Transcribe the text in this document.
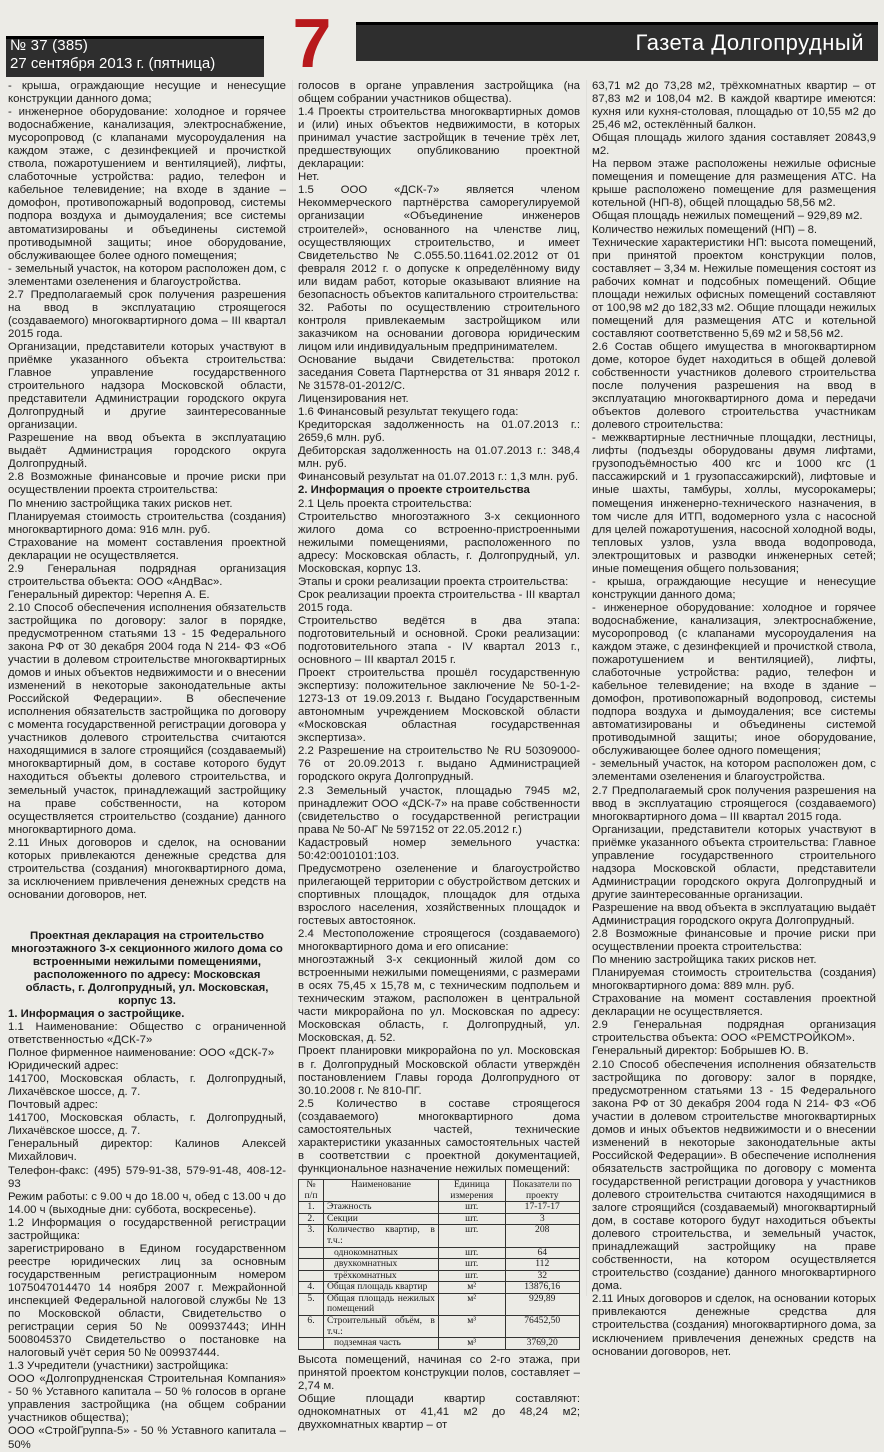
№ 37 (385)
27 сентября 2013 г. (пятница) 7	Газета Долгопрудный

- крыша, ограждающие несущие и ненесущие конструкции данного дома;

- инженерное оборудование: холодное и горячее водоснабжение, канализация, электроснабжение, мусоропровод (с клапанами мусороудаления на каждом этаже, с дезинфекцией и прочисткой ствола, пожаротушением и вентиляцией), лифты, слаботочные устройства: радио, телефон и кабельное телевидение; на входе в здание – домофон, противопожарный водопровод, системы подпора воздуха и дымоудаления; все системы автоматизированы и объединены системой противодымной защиты; иное оборудование, обслуживающее более одного помещения;

- земельный участок, на котором расположен дом, с элементами озеленения и благоустройства.

2.7 Предполагаемый срок получения разрешения на ввод в эксплуатацию строящегося (создаваемого) многоквартирного дома – III квартал 2015 года.

Организации, представители которых участвуют в приёмке указанного объекта строительства: Главное управление государственного строительного надзора Московской области, представители Администрации городского округа Долгопрудный и другие заинтересованные организации.

Разрешение на ввод объекта в эксплуатацию выдаёт Администрация городского округа Долгопрудный.

2.8 Возможные финансовые и прочие риски при осуществлении проекта строительства:

По мнению застройщика таких рисков нет.

Планируемая стоимость строительства (создания) многоквартирного дома: 916 млн. руб.

Страхование на момент составления проектной декларации не осуществляется.

2.9 Генеральная подрядная организация строительства объекта: ООО «АндВас».

Генеральный директор: Черепня А. Е.

2.10 Способ обеспечения исполнения обязательств застройщика по договору: залог в порядке, предусмотренном статьями 13 - 15 Федерального закона РФ от 30 декабря 2004 года N 214- ФЗ «Об участии в долевом строительстве многоквартирных домов и иных объектов недвижимости и о внесении изменений в некоторые законодательные акты Российской Федерации». В обеспечение исполнения обязательств застройщика по договору с момента государственной регистрации договора у участников долевого строительства считаются находящимися в залоге строящийся (создаваемый) многоквартирный дом, в составе которого будут находиться объекты долевого строительства, и земельный участок, принадлежащий застройщику на праве собственности, на котором осуществляется строительство (создание) данного многоквартирного дома.

2.11 Иных договоров и сделок, на основании которых привлекаются денежные средства для строительства (создания) многоквартирного дома, за исключением привлечения денежных средств на основании договоров, нет.

Проектная декларация на строительство многоэтажного 3-х секционного жилого дома со встроенными нежилыми помещениями, расположенного по адресу: Московская область, г. Долгопрудный, ул. Московская, корпус 13.

1. Информация о застройщике.

1.1 Наименование: Общество с ограниченной ответственностью «ДСК-7»

Полное фирменное наименование: ООО «ДСК-7»

Юридический адрес:

141700, Московская область, г. Долгопрудный, Лихачёвское шоссе, д. 7.

Почтовый адрес:

141700, Московская область, г. Долгопрудный, Лихачёвское шоссе, д. 7.

Генеральный директор: Калинов Алексей Михайлович.

Телефон-факс: (495) 579-91-38, 579-91-48, 408-12-93

Режим работы: с 9.00 ч до 18.00 ч, обед с 13.00 ч до 14.00 ч (выходные дни: суббота, воскресенье).

1.2 Информация о государственной регистрации застройщика:

зарегистрировано в Едином государственном реестре юридических лиц за основным государственным регистрационным номером 1075047014470 14 ноября 2007 г. Межрайонной инспекцией Федеральной налоговой службы № 13 по Московской области, Свидетельство о регистрации серия 50 № 009937443; ИНН 5008045370 Свидетельство о постановке на налоговый учёт серия 50 № 009937444.

1.3 Учредители (участники) застройщика:

ООО «Долгопрудненская Строительная Компания» - 50 % Уставного капитала – 50 % голосов в органе управления застройщика (на общем собрании участников общества);

ООО «СтройГруппа-5» - 50 % Уставного капитала – 50%

голосов в органе управления застройщика (на общем собрании участников общества).

1.4 Проекты строительства многоквартирных домов и (или) иных объектов недвижимости, в которых принимал участие застройщик в течение трёх лет, предшествующих опубликованию проектной декларации:

Нет.

1.5 ООО «ДСК-7» является членом Некоммерческого партнёрства саморегулируемой организации «Объединение инженеров строителей», основанного на членстве лиц, осуществляющих строительство, и имеет Свидетельство № С.055.50.11641.02.2012 от 01 февраля 2012 г. о допуске к определённому виду или видам работ, которые оказывают влияние на безопасность объектов капитального строительства:

32. Работы по осуществлению строительного контроля привлекаемым застройщиком или заказчиком на основании договора юридическим лицом или индивидуальным предпринимателем.

Основание выдачи Свидетельства: протокол заседания Совета Партнерства от 31 января 2012 г. № 31578-01-2012/С.

Лицензирования нет.

1.6 Финансовый результат текущего года:

Кредиторская задолженность на 01.07.2013 г.: 2659,6 млн. руб.

Дебиторская задолженность на 01.07.2013 г.: 348,4 млн. руб.

Финансовый результат на 01.07.2013 г.: 1,3 млн. руб.

2. Информация о проекте строительства

2.1 Цель проекта строительства:

Строительство многоэтажного 3-х секционного жилого дома со встроенно-пристроенными нежилыми помещениями, расположенного по адресу: Московская область, г. Долгопрудный, ул. Московская, корпус 13.

Этапы и сроки реализации проекта строительства:

Срок реализации проекта строительства - III квартал 2015 года.

Строительство ведётся в два этапа: подготовительный и основной. Сроки реализации: подготовительного этапа - IV квартал 2013 г., основного – III квартал 2015 г.

Проект строительства прошёл государственную экспертизу: положительное заключение № 50-1-2-1273-13 от 19.09.2013 г. Выдано Государственным автономным учреждением Московской области «Московская областная государственная экспертиза».

2.2 Разрешение на строительство № RU 50309000-76 от 20.09.2013 г. выдано Администрацией городского округа Долгопрудный.

2.3 Земельный участок, площадью 7945 м2, принадлежит ООО «ДСК-7» на праве собственности (свидетельство о государственной регистрации права № 50-АГ № 597152 от 22.05.2012 г.)

Кадастровый номер земельного участка: 50:42:0010101:103.

Предусмотрено озеленение и благоустройство прилегающей территории с обустройством детских и спортивных площадок, площадок для отдыха взрослого населения, хозяйственных площадок и гостевых автостоянок.

2.4 Местоположение строящегося (создаваемого) многоквартирного дома и его описание:

многоэтажный 3-х секционный жилой дом со встроенными нежилыми помещениями, с размерами в осях 75,45 х 15,78 м, с техническим подпольем и техническим этажом, расположен в центральной части микрорайона по ул. Московская по адресу: Московская область, г. Долгопрудный, ул. Московская, д. 52.

Проект планировки микрорайона по ул. Московская в г. Долгопрудный Московской области утверждён постановлением Главы города Долгопрудного от 30.10.2008 г. № 810-ПГ.

2.5 Количество в составе строящегося (создаваемого) многоквартирного дома самостоятельных частей, технические характеристики указанных самостоятельных частей в соответствии с проектной документацией, функциональное назначение нежилых помещений:

№ п/п	Наименование	Единица измерения	Показатели по проекту
1.	Этажность	шт.	17-17-17
2.	Секции	шт.	3
3.	Количество квартир, в т.ч.:	шт.	208
	однокомнатных	шт.	64
	двухкомнатных	шт.	112
	трёхкомнатных	шт.	32
4.	Общая площадь квартир	м²	13876,16
5.	Общая площадь нежилых помещений	м²	929,89
6.	Строительный объём, в т.ч.:	м³	76452,50
	подземная часть	м³	3769,20

Высота помещений, начиная со 2-го этажа, при принятой проектом конструкции полов, составляет – 2,74 м.

Общие площади квартир составляют: однокомнатных от 41,41 м2 до 48,24 м2; двухкомнатных квартир – от

63,71 м2 до 73,28 м2, трёхкомнатных квартир – от 87,83 м2 и 108,04 м2. В каждой квартире имеются: кухня или кухня-столовая, площадью от 10,55 м2 до 25,46 м2, остеклённый балкон.

Общая площадь жилого здания составляет 20843,9 м2.

На первом этаже расположены нежилые офисные помещения и помещение для размещения АТС. На крыше расположено помещение для размещения котельной (НП-8), общей площадью 58,56 м2.

Общая площадь нежилых помещений – 929,89 м2.

Количество нежилых помещений (НП) – 8.

Технические характеристики НП: высота помещений, при принятой проектом конструкции полов, составляет – 3,34 м. Нежилые помещения состоят из рабочих комнат и подсобных помещений. Общие площади нежилых офисных помещений составляют от 100,98 м2 до 182,33 м2. Общие площади нежилых помещений для размещения АТС и котельной составляют соответственно 5,69 м2 и 58,56 м2.

2.6 Состав общего имущества в многоквартирном доме, которое будет находиться в общей долевой собственности участников долевого строительства после получения разрешения на ввод в эксплуатацию многоквартирного дома и передачи объектов долевого строительства участникам долевого строительства:

- межквартирные лестничные площадки, лестницы, лифты (подъезды оборудованы двумя лифтами, грузоподъёмностью 400 кгс и 1000 кгс (1 пассажирский и 1 грузопассажирский), лифтовые и иные шахты, тамбуры, холлы, мусорокамеры; помещения инженерно-технического назначения, в том числе для ИТП, водомерного узла с насосной для целей пожаротушения, насосной холодной воды, тепловых узлов, узла ввода водопровода, электрощитовых и разводки инженерных сетей; иные помещения общего пользования;

- крыша, ограждающие несущие и ненесущие конструкции данного дома;

- инженерное оборудование: холодное и горячее водоснабжение, канализация, электроснабжение, мусоропровод (с клапанами мусороудаления на каждом этаже, с дезинфекцией и прочисткой ствола, пожаротушением и вентиляцией), лифты, слаботочные устройства: радио, телефон и кабельное телевидение; на входе в здание – домофон, противопожарный водопровод, системы подпора воздуха и дымоудаления; все системы автоматизированы и объединены системой противодымной защиты; иное оборудование, обслуживающее более одного помещения;

- земельный участок, на котором расположен дом, с элементами озеленения и благоустройства.

2.7 Предполагаемый срок получения разрешения на ввод в эксплуатацию строящегося (создаваемого) многоквартирного дома – III квартал 2015 года.

Организации, представители которых участвуют в приёмке указанного объекта строительства: Главное управление государственного строительного надзора Московской области, представители Администрации городского округа Долгопрудный и другие заинтересованные организации.

Разрешение на ввод объекта в эксплуатацию выдаёт Администрация городского округа Долгопрудный.

2.8 Возможные финансовые и прочие риски при осуществлении проекта строительства:

По мнению застройщика таких рисков нет.

Планируемая стоимость строительства (создания) многоквартирного дома: 889 млн. руб.

Страхование на момент составления проектной декларации не осуществляется.

2.9 Генеральная подрядная организация строительства объекта: ООО «РЕМСТРОЙКОМ».

Генеральный директор: Бобрышев Ю. В.

2.10 Способ обеспечения исполнения обязательств застройщика по договору: залог в порядке, предусмотренном статьями 13 - 15 Федерального закона РФ от 30 декабря 2004 года N 214- ФЗ «Об участии в долевом строительстве многоквартирных домов и иных объектов недвижимости и о внесении изменений в некоторые законодательные акты Российской Федерации». В обеспечение исполнения обязательств застройщика по договору с момента государственной регистрации договора у участников долевого строительства считаются находящимися в залоге строящийся (создаваемый) многоквартирный дом, в составе которого будут находиться объекты долевого строительства, и земельный участок, принадлежащий застройщику на праве собственности, на котором осуществляется строительство (создание) данного многоквартирного дома.

2.11 Иных договоров и сделок, на основании которых привлекаются денежные средства для строительства (создания) многоквартирного дома, за исключением привлечения денежных средств на основании договоров, нет.
